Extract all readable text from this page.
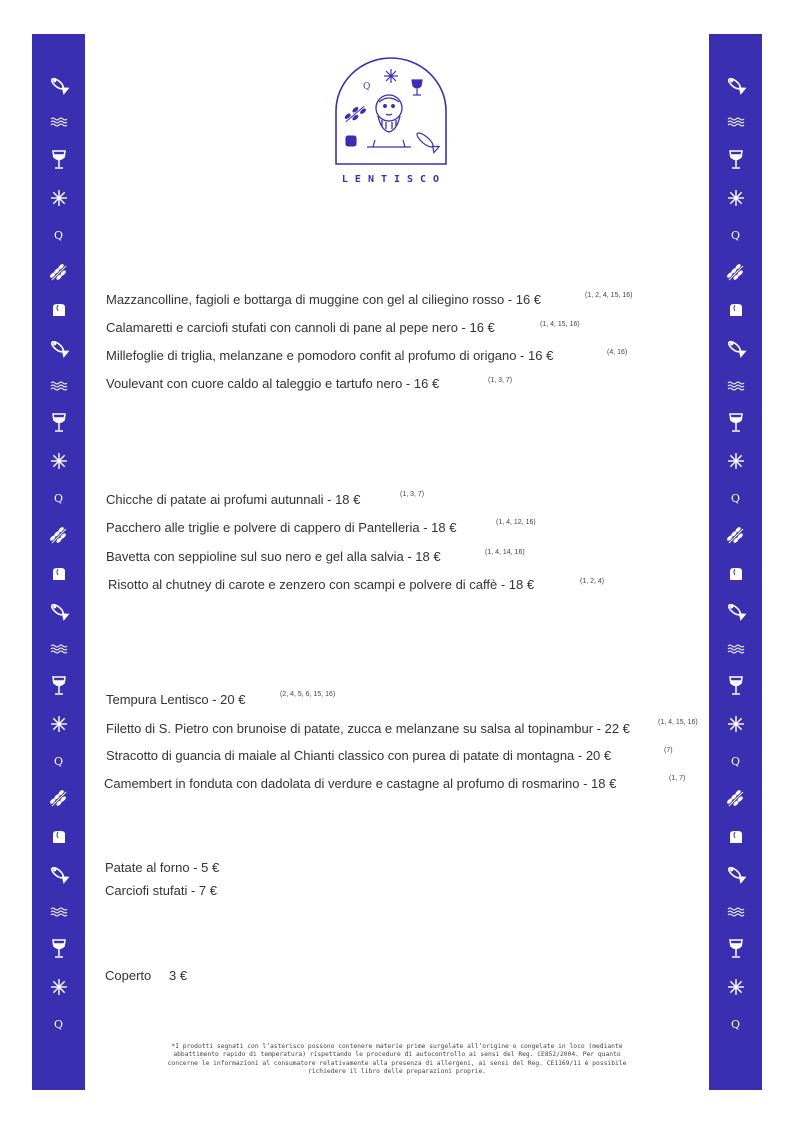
Q
Q
Q
Q
Q
Q
Q
Q
Q
LENTISCO
Mazzancolline, fagioli e bottarga di muggine con gel al ciliegino rosso - 16 €	(1, 2, 4, 15, 16)
Calamaretti e carciofi stufati con cannoli di pane al pepe nero - 16 €	(1, 4, 15, 16)
Millefoglie di triglia, melanzane e pomodoro confit al profumo di origano - 16 €	(4, 16)
Voulevant con cuore caldo al taleggio e tartufo nero - 16 €	(1, 3, 7)
Chicche di patate ai profumi autunnali - 18 €	(1, 3, 7)
Pacchero alle triglie e polvere di cappero di Pantelleria - 18 €	(1, 4, 12, 16)
Bavetta con seppioline sul suo nero e gel alla salvia - 18 €	(1, 4, 14, 16)
Risotto al chutney di carote e zenzero con scampi e polvere di caffè - 18 €	(1, 2, 4)
Tempura Lentisco - 20 €	(2, 4, 5, 6, 15, 16)
Filetto di S. Pietro con brunoise di patate, zucca e melanzane su salsa al topinambur - 22 €	(1, 4, 15, 16)
Stracotto di guancia di maiale al Chianti classico con purea di patate di montagna - 20 €	(7)
Camembert in fonduta con dadolata di verdure e castagne al profumo di rosmarino - 18 €	(1, 7)
Patate al forno - 5 €
Carciofi stufati - 7 €
Coperto 3 €
*I prodotti segnati con l’asterisco possono contenere materie prime surgelate all’origine o congelate in loco (mediante
abbattimento rapido di temperatura) rispettando le procedure di autocontrollo ai sensi del Reg. CE852/2004. Per quanto
concerne le informazioni al consumatore relativamente alla presenza di allergeni, ai sensi del Reg. CE1169/11 è possibile
richiedere il libro delle preparazioni proprie.
